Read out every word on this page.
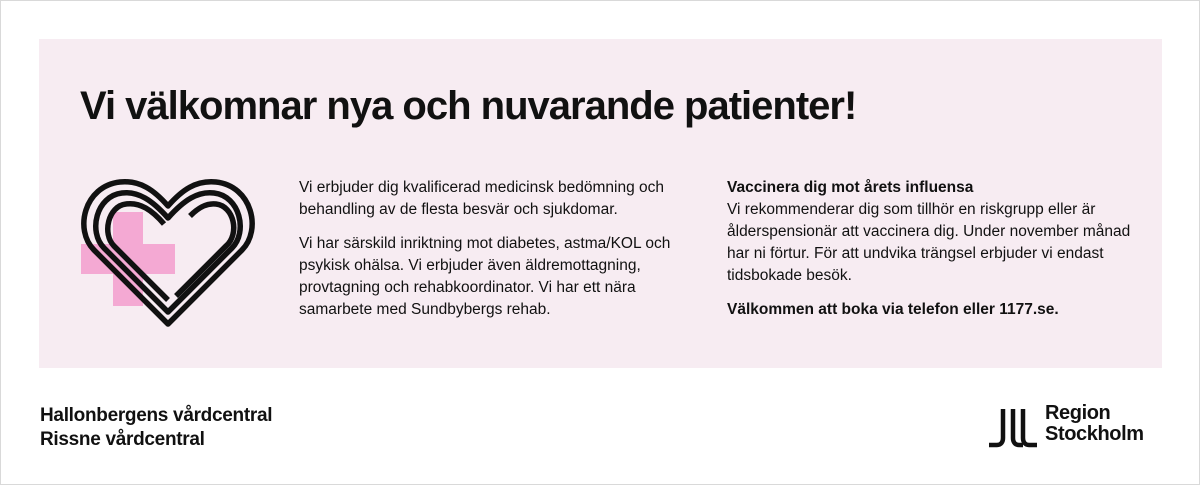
Vi välkomnar nya och nuvarande patienter!

Vi erbjuder dig kvalificerad medicinsk bedömning och behandling av de flesta besvär och sjukdomar.

Vi har särskild inriktning mot diabetes, astma/KOL och psykisk ohälsa. Vi erbjuder även äldremottagning, provtagning och rehabkoordinator. Vi har ett nära samarbete med Sundbybergs rehab.

Vaccinera dig mot årets influensa
Vi rekommenderar dig som tillhör en riskgrupp eller är ålderspensionär att vaccinera dig. Under november månad har ni förtur. För att undvika trängsel erbjuder vi endast tidsbokade besök.

Välkommen att boka via telefon eller 1177.se.

Hallonbergens vårdcentral
Rissne vårdcentral
Region
Stockholm
